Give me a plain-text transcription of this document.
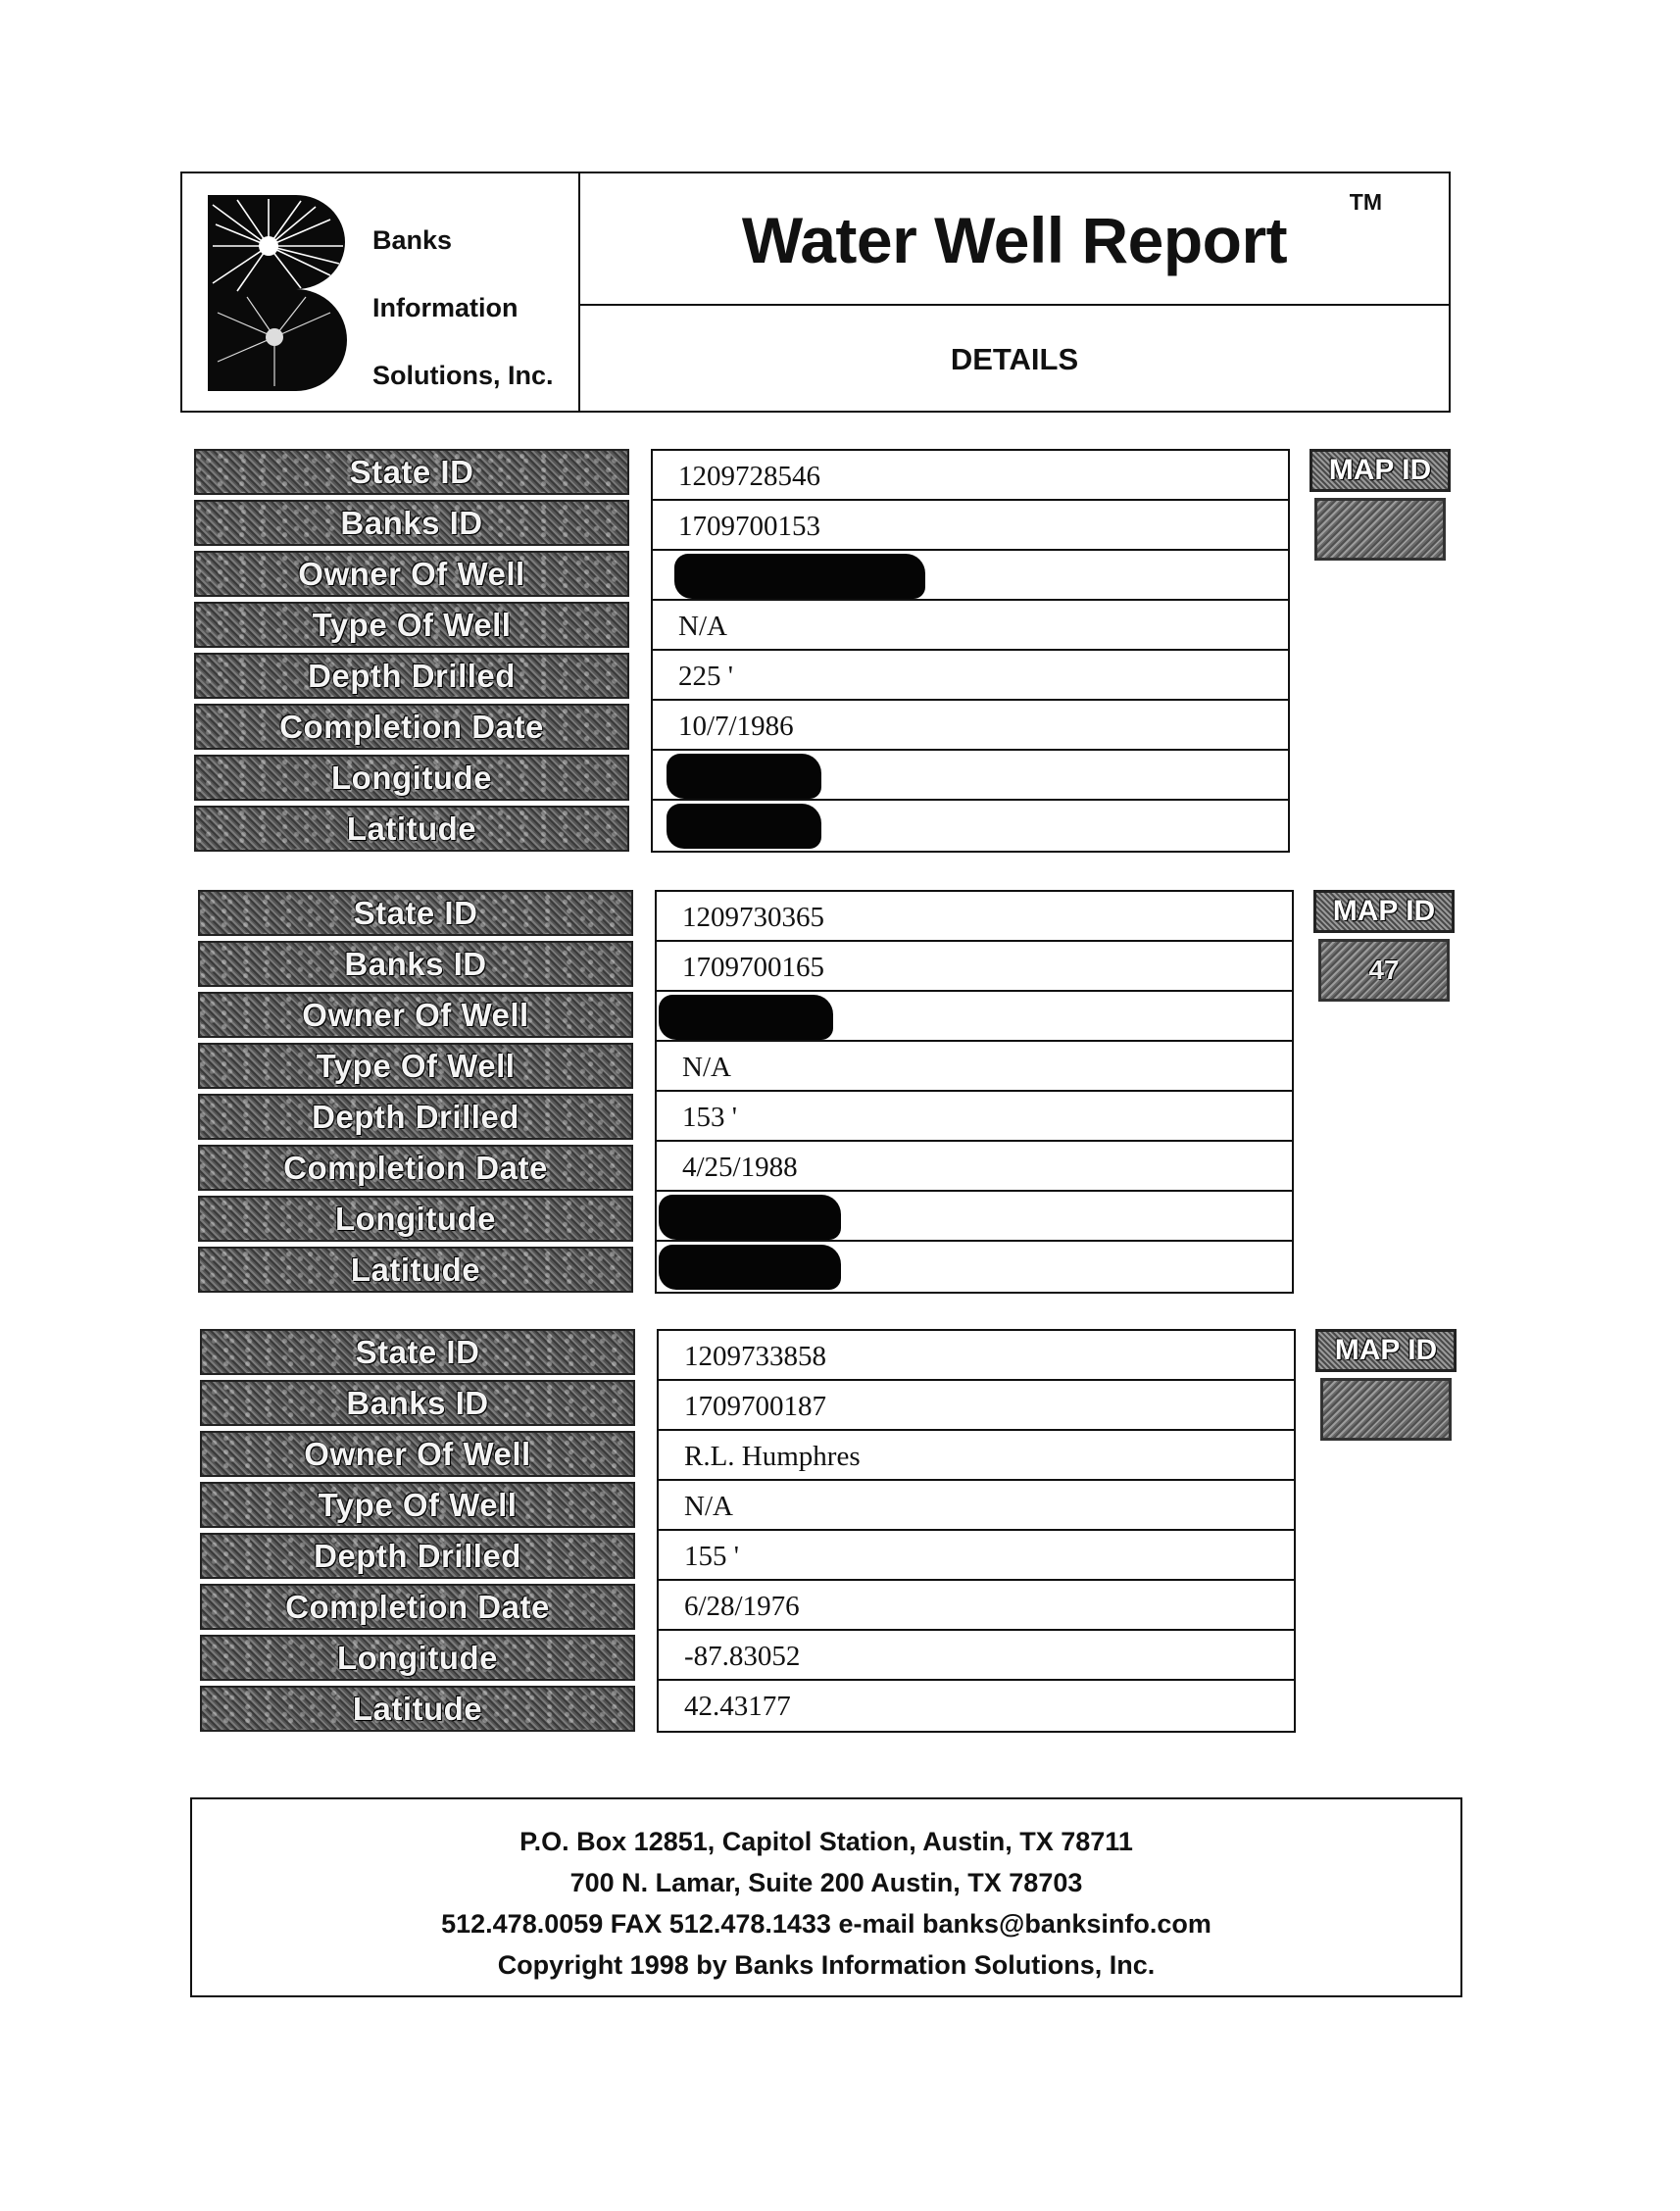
Banks
Information
Solutions, Inc.
Water Well Report
TM
DETAILS
State ID
Banks ID
Owner Of Well
Type Of Well
Depth Drilled
Completion Date
Longitude
Latitude
1209728546
1709700153
N/A
225 '
10/7/1986
MAP ID
State ID
Banks ID
Owner Of Well
Type Of Well
Depth Drilled
Completion Date
Longitude
Latitude
1209730365
1709700165
N/A
153 '
4/25/1988
MAP ID
47
State ID
Banks ID
Owner Of Well
Type Of Well
Depth Drilled
Completion Date
Longitude
Latitude
1209733858
1709700187
R.L. Humphres
N/A
155 '
6/28/1976
-87.83052
42.43177
MAP ID
P.O. Box 12851, Capitol Station, Austin, TX 78711
700 N. Lamar, Suite 200 Austin, TX 78703
512.478.0059 FAX 512.478.1433 e-mail banks@banksinfo.com
Copyright 1998 by Banks Information Solutions, Inc.
